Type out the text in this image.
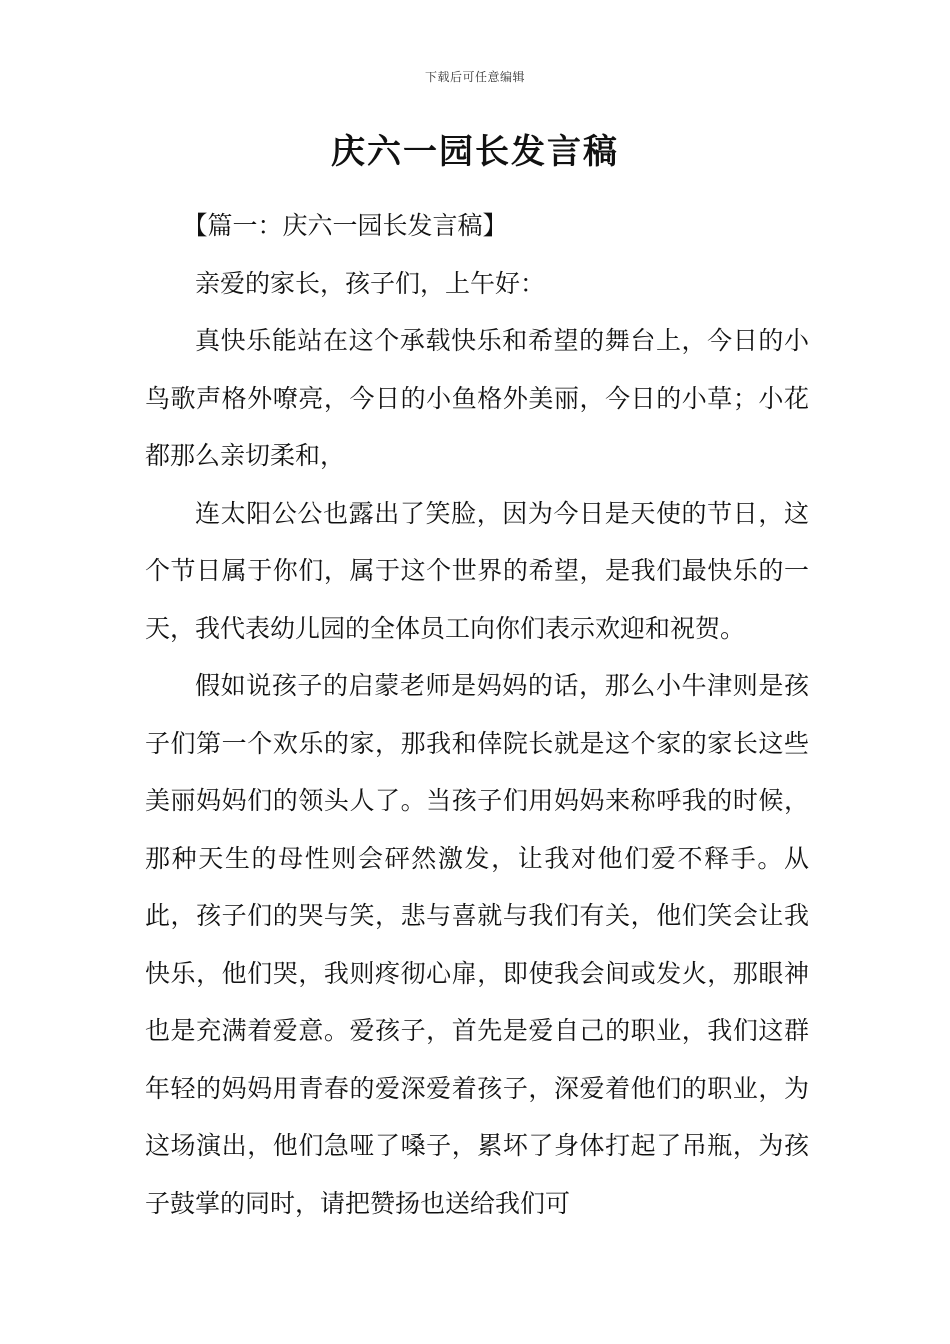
下载后可任意编辑
庆六一园长发言稿

【篇一：庆六一园长发言稿】

亲爱的家长，孩子们，上午好：

真快乐能站在这个承载快乐和希望的舞台上，今日的小鸟歌声格外嘹亮，今日的小鱼格外美丽，今日的小草；小花都那么亲切柔和，

连太阳公公也露出了笑脸，因为今日是天使的节日，这个节日属于你们，属于这个世界的希望，是我们最快乐的一天，我代表幼儿园的全体员工向你们表示欢迎和祝贺。

假如说孩子的启蒙老师是妈妈的话，那么小牛津则是孩子们第一个欢乐的家，那我和倖院长就是这个家的家长这些美丽妈妈们的领头人了。当孩子们用妈妈来称呼我的时候，那种天生的母性则会砰然激发，让我对他们爱不释手。从此，孩子们的哭与笑，悲与喜就与我们有关，他们笑会让我快乐，他们哭，我则疼彻心扉，即使我会间或发火，那眼神也是充满着爱意。爱孩子，首先是爱自己的职业，我们这群年轻的妈妈用青春的爱深爱着孩子，深爱着他们的职业，为这场演出，他们急哑了嗓子，累坏了身体打起了吊瓶，为孩子鼓掌的同时，请把赞扬也送给我们可
